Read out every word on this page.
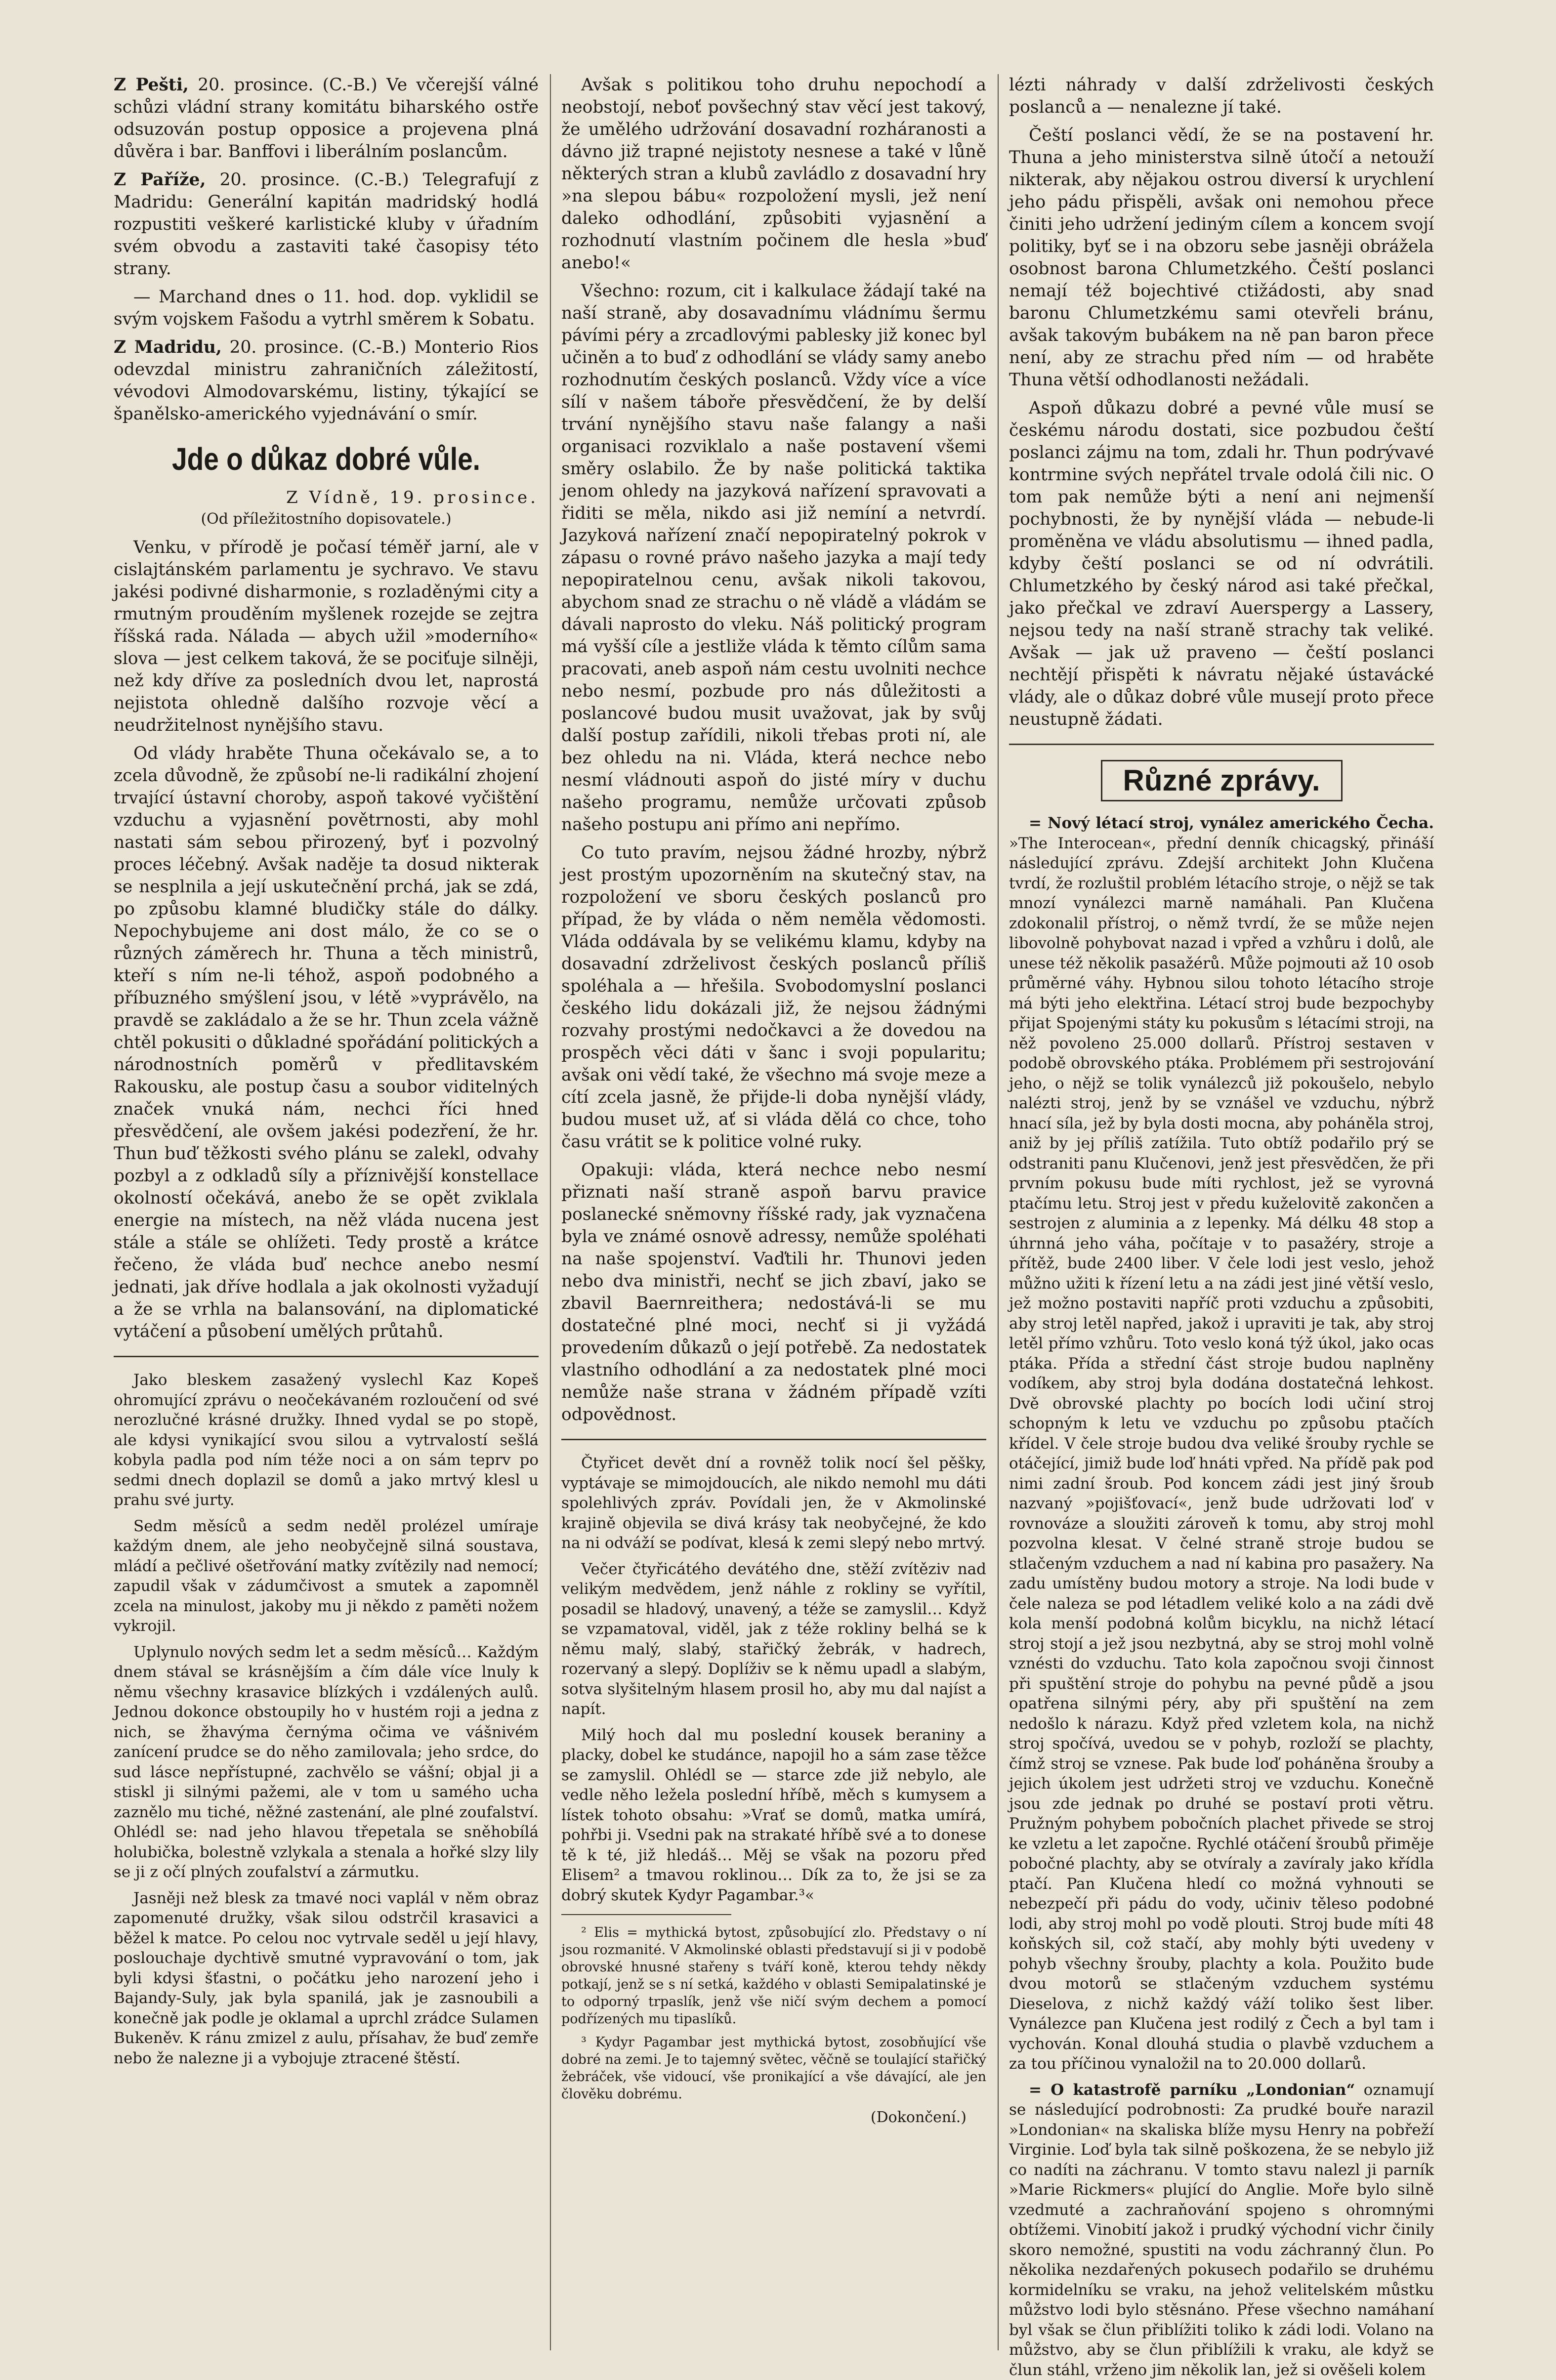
Z Pešti, 20. prosince. (C.-B.) Ve včerejší válné schůzi vládní strany komitátu biharského ostře odsuzován postup opposice a projevena plná důvěra i bar. Banffovi i liberálním poslancům.

Z Paříže, 20. prosince. (C.-B.) Telegrafují z Madridu: Generální kapitán madridský hodlá rozpustiti veškeré karlistické kluby v úřadním svém obvodu a zastaviti také časopisy této strany.

— Marchand dnes o 11. hod. dop. vyklidil se svým vojskem Fašodu a vytrhl směrem k Sobatu.

Z Madridu, 20. prosince. (C.-B.) Monterio Rios odevzdal ministru zahraničních záležitostí, vévodovi Almodovarskému, listiny, týkající se španělsko-amerického vyjednávání o smír.

Jde o důkaz dobré vůle.
Z Vídně, 19. prosince.
(Od příležitostního dopisovatele.)

Venku, v přírodě je počasí téměř jarní, ale v cislajtánském parlamentu je sychravo. Ve stavu jakési podivné disharmonie, s rozladěnými city a rmutným prouděním myšlenek rozejde se zejtra říšská rada. Nálada — abych užil »moderního« slova — jest celkem taková, že se pociťuje silněji, než kdy dříve za posledních dvou let, naprostá nejistota ohledně dalšího rozvoje věcí a neudržitelnost nynějšího stavu.

Od vlády hraběte Thuna očekávalo se, a to zcela důvodně, že způsobí ne-li radikální zhojení trvající ústavní choroby, aspoň takové vyčištění vzduchu a vyjasnění povětrnosti, aby mohl nastati sám sebou přirozený, byť i pozvolný proces léčebný. Avšak naděje ta dosud nikterak se nesplnila a její uskutečnění prchá, jak se zdá, po způsobu klamné bludičky stále do dálky. Nepochybujeme ani dost málo, že co se o různých záměrech hr. Thuna a těch ministrů, kteří s ním ne-li téhož, aspoň podobného a příbuzného smýšlení jsou, v létě »vyprávělo, na pravdě se zakládalo a že se hr. Thun zcela vážně chtěl pokusiti o důkladné spořádání politických a národnostních poměrů v předlitavském Rakousku, ale postup času a soubor viditelných značek vnuká nám, nechci říci hned přesvědčení, ale ovšem jakési podezření, že hr. Thun buď těžkosti svého plánu se zalekl, odvahy pozbyl a z odkladů síly a příznivější konstellace okolností očekává, anebo že se opět zviklala energie na místech, na něž vláda nucena jest stále a stále se ohlížeti. Tedy prostě a krátce řečeno, že vláda buď nechce anebo nesmí jednati, jak dříve hodlala a jak okolnosti vyžadují a že se vrhla na balansování, na diplomatické vytáčení a působení umělých průtahů.

Jako bleskem zasažený vyslechl Kaz Kopeš ohromující zprávu o neočekávaném rozloučení od své nerozlučné krásné družky. Ihned vydal se po stopě, ale kdysi vynikající svou silou a vytrvalostí sešlá kobyla padla pod ním téže noci a on sám teprv po sedmi dnech doplazil se domů a jako mrtvý klesl u prahu své jurty.

Sedm měsíců a sedm neděl prolézel umíraje každým dnem, ale jeho neobyčejně silná soustava, mládí a pečlivé ošetřování matky zvítězily nad nemocí; zapudil však v zádumčivost a smutek a zapomněl zcela na minulost, jakoby mu ji někdo z paměti nožem vykrojil.

Uplynulo nových sedm let a sedm měsíců… Každým dnem stával se krásnějším a čím dále více lnuly k němu všechny krasavice blízkých i vzdálených aulů. Jednou dokonce obstoupily ho v hustém roji a jedna z nich, se žhavýma černýma očima ve vášnivém zanícení prudce se do něho zamilovala; jeho srdce, do sud lásce nepřístupné, zachvělo se vášní; objal ji a stiskl ji silnými pažemi, ale v tom u samého ucha zaznělo mu tiché, něžné zastenání, ale plné zoufalství. Ohlédl se: nad jeho hlavou třepetala se sněhobílá holubička, bolestně vzlykala a stenala a hořké slzy lily se ji z očí plných zoufalství a zármutku.

Jasněji než blesk za tmavé noci vaplál v něm obraz zapomenuté družky, však silou odstrčil krasavici a běžel k matce. Po celou noc vytrvale seděl u její hlavy, poslouchaje dychtivě smutné vypravování o tom, jak byli kdysi šťastni, o počátku jeho narození jeho i Bajandy-Suly, jak byla spanilá, jak je zasnoubili a konečně jak podle je oklamal a uprchl zrádce Sulamen Bukeněv. K ránu zmizel z aulu, přísahav, že buď zemře nebo že nalezne ji a vybojuje ztracené štěstí.

Avšak s politikou toho druhu nepochodí a neobstojí, neboť povšechný stav věcí jest takový, že umělého udržování dosavadní rozháranosti a dávno již trapné nejistoty nesnese a také v lůně některých stran a klubů zavládlo z dosavadní hry »na slepou bábu« rozpoložení mysli, jež není daleko odhodlání, způsobiti vyjasnění a rozhodnutí vlastním počinem dle hesla »buď anebo!«

Všechno: rozum, cit i kalkulace žádají také na naší straně, aby dosavadnímu vládnímu šermu pávími péry a zrcadlovými pablesky již konec byl učiněn a to buď z odhodlání se vlády samy anebo rozhodnutím českých poslanců. Vždy více a více sílí v našem táboře přesvědčení, že by delší trvání nynějšího stavu naše falangy a naši organisaci rozviklalo a naše postavení všemi směry oslabilo. Že by naše politická taktika jenom ohledy na jazyková nařízení spravovati a řiditi se měla, nikdo asi již nemíní a netvrdí. Jazyková nařízení značí nepopiratelný pokrok v zápasu o rovné právo našeho jazyka a mají tedy nepopiratelnou cenu, avšak nikoli takovou, abychom snad ze strachu o ně vládě a vládám se dávali naprosto do vleku. Náš politický program má vyšší cíle a jestliže vláda k těmto cílům sama pracovati, aneb aspoň nám cestu uvolniti nechce nebo nesmí, pozbude pro nás důležitosti a poslancové budou musit uvažovat, jak by svůj další postup zařídili, nikoli třebas proti ní, ale bez ohledu na ni. Vláda, která nechce nebo nesmí vládnouti aspoň do jisté míry v duchu našeho programu, nemůže určovati způsob našeho postupu ani přímo ani nepřímo.

Co tuto pravím, nejsou žádné hrozby, nýbrž jest prostým upozorněním na skutečný stav, na rozpoložení ve sboru českých poslanců pro případ, že by vláda o něm neměla vědomosti. Vláda oddávala by se velikému klamu, kdyby na dosavadní zdrželivost českých poslanců příliš spoléhala a — hřešila. Svobodomyslní poslanci českého lidu dokázali již, že nejsou žádnými rozvahy prostými nedočkavci a že dovedou na prospěch věci dáti v šanc i svoji popularitu; avšak oni vědí také, že všechno má svoje meze a cítí zcela jasně, že přijde-li doba nynější vlády, budou muset už, ať si vláda dělá co chce, toho času vrátit se k politice volné ruky.

Opakuji: vláda, která nechce nebo nesmí přiznati naší straně aspoň barvu pravice poslanecké sněmovny říšské rady, jak vyznačena byla ve známé osnově adressy, nemůže spoléhati na naše spojenství. Vaďtili hr. Thunovi jeden nebo dva ministři, nechť se jich zbaví, jako se zbavil Baernreithera; nedostává-li se mu dostatečné plné moci, nechť si ji vyžádá provedením důkazů o její potřebě. Za nedostatek vlastního odhodlání a za nedostatek plné moci nemůže naše strana v žádném případě vzíti odpovědnost.

Čtyřicet devět dní a rovněž tolik nocí šel pěšky, vyptávaje se mimojdoucích, ale nikdo nemohl mu dáti spolehlivých zpráv. Povídali jen, že v Akmolinské krajině objevila se divá krásy tak neobyčejné, že kdo na ni odváží se podívat, klesá k zemi slepý nebo mrtvý.

Večer čtyřicátého devátého dne, stěží zvítěziv nad velikým medvědem, jenž náhle z rokliny se vyřítil, posadil se hladový, unavený, a téže se zamyslil… Když se vzpamatoval, viděl, jak z téže rokliny belhá se k němu malý, slabý, stařičký žebrák, v hadrech, rozervaný a slepý. Doplíživ se k němu upadl a slabým, sotva slyšitelným hlasem prosil ho, aby mu dal najíst a napít.

Milý hoch dal mu poslední kousek beraniny a placky, dobel ke studánce, napojil ho a sám zase těžce se zamyslil. Ohlédl se — starce zde již nebylo, ale vedle něho ležela poslední hříbě, měch s kumysem a lístek tohoto obsahu: »Vrať se domů, matka umírá, pohřbi ji. Vsedni pak na strakaté hříbě své a to donese tě k té, již hledáš… Měj se však na pozoru před Elisem² a tmavou roklinou… Dík za to, že jsi se za dobrý skutek Kydyr Pagambar.³«

² Elis = mythická bytost, způsobující zlo. Představy o ní jsou rozmanité. V Akmolinské oblasti představují si ji v podobě obrovské hnusné stařeny s tváří koně, kterou tehdy někdy potkají, jenž se s ní setká, každého v oblasti Semipalatinské je to odporný trpaslík, jenž vše ničí svým dechem a pomocí podřízených mu tipaslíků.

³ Kydyr Pagambar jest mythická bytost, zosobňující vše dobré na zemi. Je to tajemný světec, věčně se toulající stařičký žebráček, vše vidoucí, vše pronikající a vše dávající, ale jen člověku dobrému.

(Dokončení.)

lézti náhrady v další zdrželivosti českých poslanců a — nenalezne jí také.

Čeští poslanci vědí, že se na postavení hr. Thuna a jeho ministerstva silně útočí a netouží nikterak, aby nějakou ostrou diversí k urychlení jeho pádu přispěli, avšak oni nemohou přece činiti jeho udržení jediným cílem a koncem svojí politiky, byť se i na obzoru sebe jasněji obrážela osobnost barona Chlumetzkého. Čeští poslanci nemají též bojechtivé ctižádosti, aby snad baronu Chlumetzkému sami otevřeli bránu, avšak takovým bubákem na ně pan baron přece není, aby ze strachu před ním — od hraběte Thuna větší odhodlanosti nežádali.

Aspoň důkazu dobré a pevné vůle musí se českému národu dostati, sice pozbudou čeští poslanci zájmu na tom, zdali hr. Thun podrývavé kontrmine svých nepřátel trvale odolá čili nic. O tom pak nemůže býti a není ani nejmenší pochybnosti, že by nynější vláda — nebude-li proměněna ve vládu absolutismu — ihned padla, kdyby čeští poslanci se od ní odvrátili. Chlumetzkého by český národ asi také přečkal, jako přečkal ve zdraví Auerspergy a Lassery, nejsou tedy na naší straně strachy tak veliké. Avšak — jak už praveno — čeští poslanci nechtějí přispěti k návratu nějaké ústavácké vlády, ale o důkaz dobré vůle musejí proto přece neustupně žádati.

Různé zprávy.

= Nový létací stroj, vynález amerického Čecha. »The Interocean«, přední denník chicagský, přináší následující zprávu. Zdejší architekt John Klučena tvrdí, že rozluštil problém létacího stroje, o nějž se tak mnozí vynálezci marně namáhali. Pan Klučena zdokonalil přístroj, o němž tvrdí, že se může nejen libovolně pohybovat nazad i vpřed a vzhůru i dolů, ale unese též několik pasažérů. Může pojmouti až 10 osob průměrné váhy. Hybnou silou tohoto létacího stroje má býti jeho elektřina. Létací stroj bude bezpochyby přijat Spojenými státy ku pokusům s létacími stroji, na něž povoleno 25.000 dollarů. Přístroj sestaven v podobě obrovského ptáka. Problémem při sestrojování jeho, o nějž se tolik vynálezců již pokoušelo, nebylo nalézti stroj, jenž by se vznášel ve vzduchu, nýbrž hnací síla, jež by byla dosti mocna, aby poháněla stroj, aniž by jej příliš zatížila. Tuto obtíž podařilo prý se odstraniti panu Klučenovi, jenž jest přesvědčen, že při prvním pokusu bude míti rychlost, jež se vyrovná ptačímu letu. Stroj jest v předu kuželovitě zakončen a sestrojen z aluminia a z lepenky. Má délku 48 stop a úhrnná jeho váha, počítaje v to pasažéry, stroje a přítěž, bude 2400 liber. V čele lodi jest veslo, jehož můžno užiti k řízení letu a na zádi jest jiné větší veslo, jež možno postaviti napříč proti vzduchu a způsobiti, aby stroj letěl napřed, jakož i upraviti je tak, aby stroj letěl přímo vzhůru. Toto veslo koná týž úkol, jako ocas ptáka. Přída a střední část stroje budou naplněny vodíkem, aby stroj byla dodána dostatečná lehkost. Dvě obrovské plachty po bocích lodi učiní stroj schopným k letu ve vzduchu po způsobu ptačích křídel. V čele stroje budou dva veliké šrouby rychle se otáčející, jimiž bude loď hnáti vpřed. Na přídě pak pod nimi zadní šroub. Pod koncem zádi jest jiný šroub nazvaný »pojišťovací«, jenž bude udržovati loď v rovnováze a sloužiti zároveň k tomu, aby stroj mohl pozvolna klesat. V čelné straně stroje budou se stlačeným vzduchem a nad ní kabina pro pasažery. Na zadu umístěny budou motory a stroje. Na lodi bude v čele naleza se pod létadlem veliké kolo a na zádi dvě kola menší podobná kolům bicyklu, na nichž létací stroj stojí a jež jsou nezbytná, aby se stroj mohl volně vznésti do vzduchu. Tato kola započnou svoji činnost při spuštění stroje do pohybu na pevné půdě a jsou opatřena silnými péry, aby při spuštění na zem nedošlo k nárazu. Když před vzletem kola, na nichž stroj spočívá, uvedou se v pohyb, rozloží se plachty, čímž stroj se vznese. Pak bude loď poháněna šrouby a jejich úkolem jest udržeti stroj ve vzduchu. Konečně jsou zde jednak po druhé se postaví proti větru. Pružným pohybem pobočních plachet přivede se stroj ke vzletu a let započne. Rychlé otáčení šroubů přiměje pobočné plachty, aby se otvíraly a zavíraly jako křídla ptačí. Pan Klučena hledí co možná vyhnouti se nebezpečí při pádu do vody, učiniv těleso podobné lodi, aby stroj mohl po vodě plouti. Stroj bude míti 48 koňských sil, což stačí, aby mohly býti uvedeny v pohyb všechny šrouby, plachty a kola. Použito bude dvou motorů se stlačeným vzduchem systému Dieselova, z nichž každý váží toliko šest liber. Vynálezce pan Klučena jest rodilý z Čech a byl tam i vychován. Konal dlouhá studia o plavbě vzduchem a za tou příčinou vynaložil na to 20.000 dollarů.

= O katastrofě parníku „Londonian“ oznamují se následující podrobnosti: Za prudké bouře narazil »Londonian« na skaliska blíže mysu Henry na pobřeží Virginie. Loď byla tak silně poškozena, že se nebylo již co nadíti na záchranu. V tomto stavu nalezl ji parník »Marie Rickmers« plující do Anglie. Moře bylo silně vzedmuté a zachraňování spojeno s ohromnými obtížemi. Vinobití jakož i prudký východní vichr činily skoro nemožné, spustiti na vodu záchranný člun. Po několika nezdařených pokusech podařilo se druhému kormidelníku se vraku, na jehož velitelském můstku můžstvo lodi bylo stěsnáno. Přese všechno namáhaní byl však se člun přiblížiti toliko k zádi lodi. Volano na můžstvo, aby se člun přiblížili k vraku, ale když se člun stáhl, vrženo jim několik lan, jež si ověšeli kolem
